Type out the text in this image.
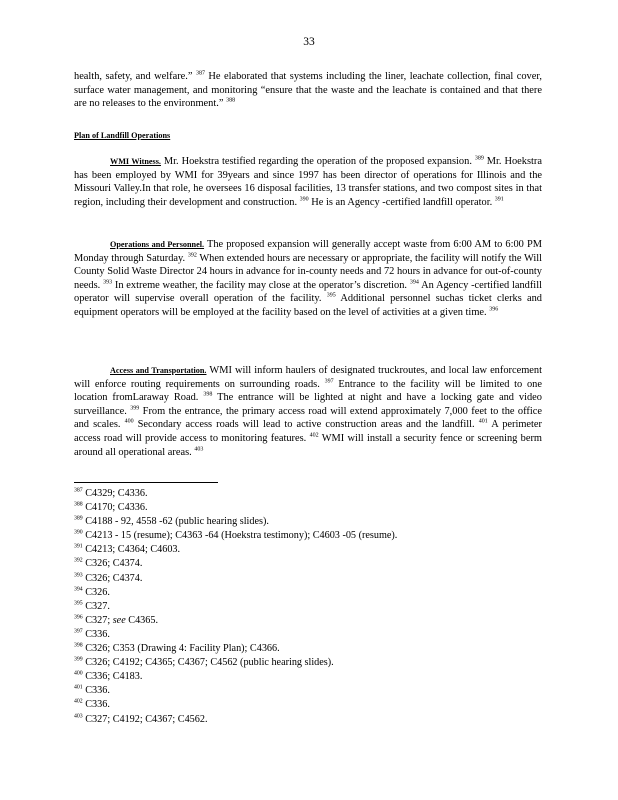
33

health, safety, and welfare.” $^{387}$ He elaborated that systems including the liner, leachate collection, final cover, surface water management, and monitoring “ensure that the waste and the leachate is contained and that there are no releases to the environment.” $^{388}$

Plan of Landfill Operations

WMI Witness. Mr. Hoekstra testified regarding the operation of the proposed expansion. $^{389}$ Mr. Hoekstra has been employed by WMI for 39years and since 1997 has been director of operations for Illinois and the Missouri Valley.In that role, he oversees 16 disposal facilities, 13 transfer stations, and two compost sites in that region, including their development and construction. $^{390}$ He is an Agency -certified landfill operator. $^{391}$

Operations and Personnel. The proposed expansion will generally accept waste from 6:00 AM to 6:00 PM Monday through Saturday. $^{392}$ When extended hours are necessary or appropriate, the facility will notify the Will County Solid Waste Director 24 hours in advance for in-county needs and 72 hours in advance for out-of-county needs. $^{393}$ In extreme weather, the facility may close at the operator’s discretion. $^{394}$ An Agency -certified landfill operator will supervise overall operation of the facility. $^{395}$ Additional personnel suchas ticket clerks and equipment operators will be employed at the facility based on the level of activities at a given time. $^{396}$

Access and Transportation. WMI will inform haulers of designated truckroutes, and local law enforcement will enforce routing requirements on surrounding roads. $^{397}$ Entrance to the facility will be limited to one location fromLaraway Road. $^{398}$ The entrance will be lighted at night and have a locking gate and video surveillance. $^{399}$ From the entrance, the primary access road will extend approximately 7,000 feet to the office and scales. $^{400}$ Secondary access roads will lead to active construction areas and the landfill. $^{401}$ A perimeter access road will provide access to monitoring features. $^{402}$ WMI will install a security fence or screening berm around all operational areas. $^{403}$

$^{387}$ C4329; C4336.
$^{388}$ C4170; C4336.
$^{389}$ C4188 - 92, 4558 -62 (public hearing slides).
$^{390}$ C4213 - 15 (resume); C4363 -64 (Hoekstra testimony); C4603 -05 (resume).
$^{391}$ C4213; C4364; C4603.
$^{392}$ C326; C4374.
$^{393}$ C326; C4374.
$^{394}$ C326.
$^{395}$ C327.
$^{396}$ C327; see C4365.
$^{397}$ C336.
$^{398}$ C326; C353 (Drawing 4: Facility Plan); C4366.
$^{399}$ C326; C4192; C4365; C4367; C4562 (public hearing slides).
$^{400}$ C336; C4183.
$^{401}$ C336.
$^{402}$ C336.
$^{403}$ C327; C4192; C4367; C4562.
